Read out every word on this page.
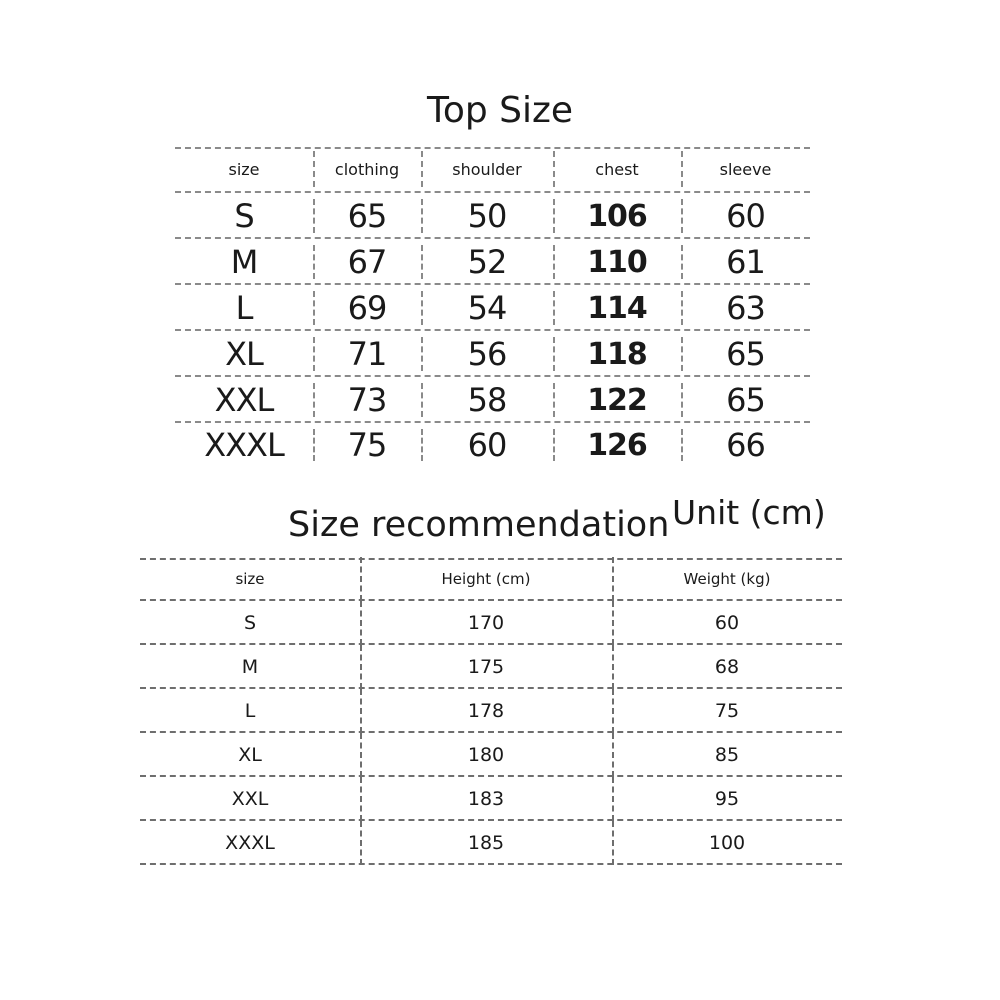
Top Size
size	clothing	shoulder	chest	sleeve
S	65	50	106	60
M	67	52	110	61
L	69	54	114	63
XL	71	56	118	65
XXL	73	58	122	65
XXXL	75	60	126	66
Unit (cm)
Size recommendation
size	Height (cm)	Weight (kg)
S	170	60
M	175	68
L	178	75
XL	180	85
XXL	183	95
XXXL	185	100
